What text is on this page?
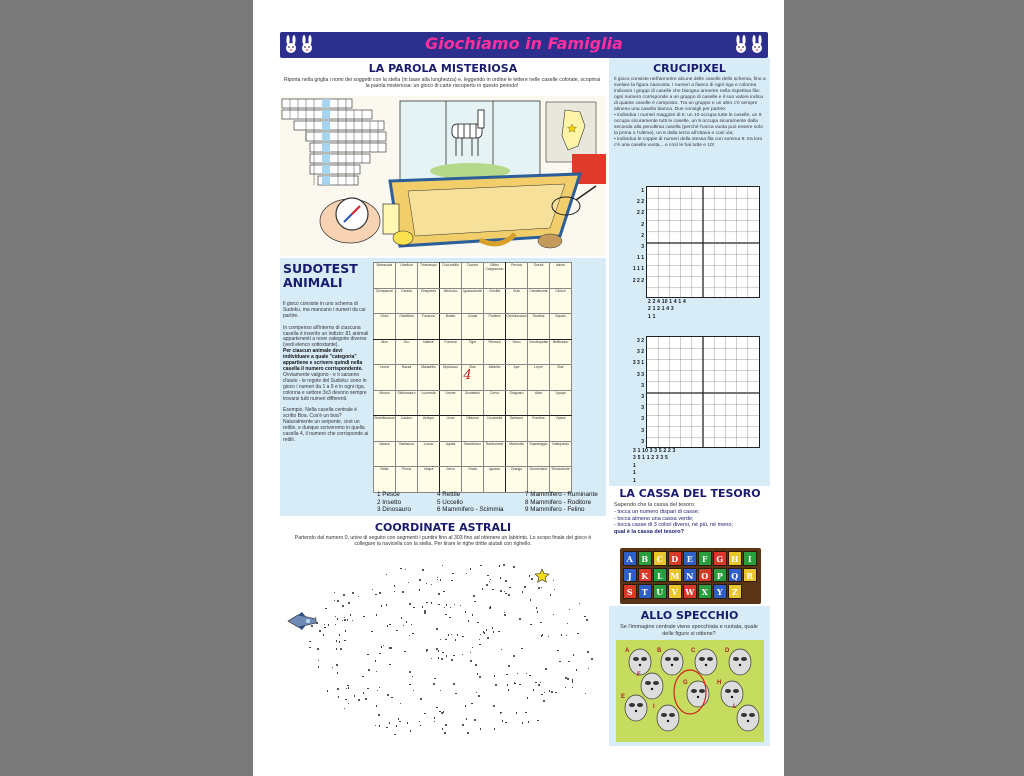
Giochiamo in Famiglia
LA PAROLA MISTERIOSA
Riporta nella griglia i nomi dei soggetti con la stella (in base alla lunghezza) e, leggendo in ordine le lettere nelle caselle colorate, scoprirai la parola misteriosa: un gioco di carte riscoperto in questo periodo!
CRUCIPIXEL
Il gioco consiste nell'annerire alcune delle caselle dello schema, fino a svelare la figura nascosta. I numeri a fianco di ogni riga e colonna indicano i gruppi di caselle che bisogna annerire nella rispettiva fila: ogni numero corrisponde a un gruppo di caselle e il suo valore indica di quante caselle è composto. Tra un gruppo e un altro c'è sempre almeno una casella bianca. Due consigli per partire:
• individua i numeri maggiori di 5: un 10 occupa tutte le caselle, un 9 occupa sicuramente tutti le caselle, un 9 occupa sicuramente dalla seconda alla penultima casella (perché l'unica vuota può essere solo la prima o l'ultima), un 8 dalla terza all'ottava e così via;
• individua le coppie di numeri della stessa fila con somma 9: tra loro c'è una casella vuota... e così le hai tutte e 10!
1
2 2
2 2
2
2
3
1 1
1 1 1
2 2 2
2 2 4 10 1 4 1 4
2 1 2 1 4 3
1 1
3 2
3 2
3 3 1
3 3
3
3
3
3
3
3
3 1 10 3 3 5 2 2 3
3 5 1 1 2 3 3 5
1
1
1
SUDOTEST
ANIMALI
Il gioco consiste in uno schema di Sudoku, ma mancano i numeri da cui partire.

In compenso all'interno di ciascuna casella è inserito un indizio: 81 animali appartenenti a nove categorie diverse (vedi elenco sottostante).
Per ciascun animale devi individuare a quale "categoria" appartiene e scrivere quindi nella casella il numero corrispondente.
Ovviamente valgono - e ti saranno d'aiuto - le regole del Sudoku: sono in gioco i numeri da 1 a 9 e in ogni riga, colonna e settore 3x3 devono sempre trovarsi tutti numeri differenti.

Esempio. Nella casella centrale è scritto Boa. Cos'è un boa? Naturalmente un serpente, cioè un rettile, e dunque scriveremo in quella casella 4, il numero che corrisponde ai rettili.
Barracuda	Libellula	Triceratopo	Coccodrillo	Condor	Gibbo Cappuccino	Pecora	Ocelot	Istrice
Scimpanzé	Canbia	Ghepardo	Merluzzo	Iguanodonte	Cinciltà	Gufo	Camaleonte	Cimice
Ghiro	Ortwittina	Faraona	Bufalo	Cicala	Pantera	Ornimiosauro	Sardina	Squalo
Alce	Gru	Natrice	Formica	Tigre	Remora	Geco	Cerottopsale	Bellitosino
Leone	Razza	Maiadrillo	Diplodoco	Boa	Allobillo	Ape	Lepre	Bue
Mosca	Stichosauro	Lucertola	Urione	Scoiattolo	Corvo	Giaguaro	Alice	Upupa
Sheirillosauro	Castoro	Anilope	Lince	Gibbone	Coccinella	Salmone	Rondine	Vipera
Varano	Barbacca	Luccio	Aquila	Stambecco	Ranfomnce	Marmotta	Scarafaggio	Gattopardo
Ratto	Puma	Vespa	Cervo	Orata	Iguana	Orango	Dromedario	Tricotodonte
4
1 Pesce
2 Insetto
3 Dinosauro
4 Rettile
5 Uccello
6 Mammifero - Scimmia
7 Mammifero - Ruminante
8 Mammifero - Roditore
9 Mammifero - Felino
COORDINATE ASTRALI
Partendo dal numero 0, unire di seguito con segmenti i puntini fino al 303 fino ad ottenere un labirinto. Lo scopo finale del gioco è collegare la navicella con la stella. Per tirare le righe dritte aiutati con righello.
LA CASSA DEL TESORO
Sapendo che la cassa del tesoro:
- tocca un numero dispari di casse;
- tocca almeno una cassa verde;
- tocca casse di 3 colori diversi, né più, né meno;
qual è la cassa del tesoro?
A	B	C	D	E	F	G H	I
J	K	L M N O	P	Q	R
S	T	U	V W X	Y	Z
ALLO SPECCHIO
Se l'immagine centrale viene specchiata e ruotata, quale delle figure si ottiene?
A	B	C	D
E
F
G	H
I	L
